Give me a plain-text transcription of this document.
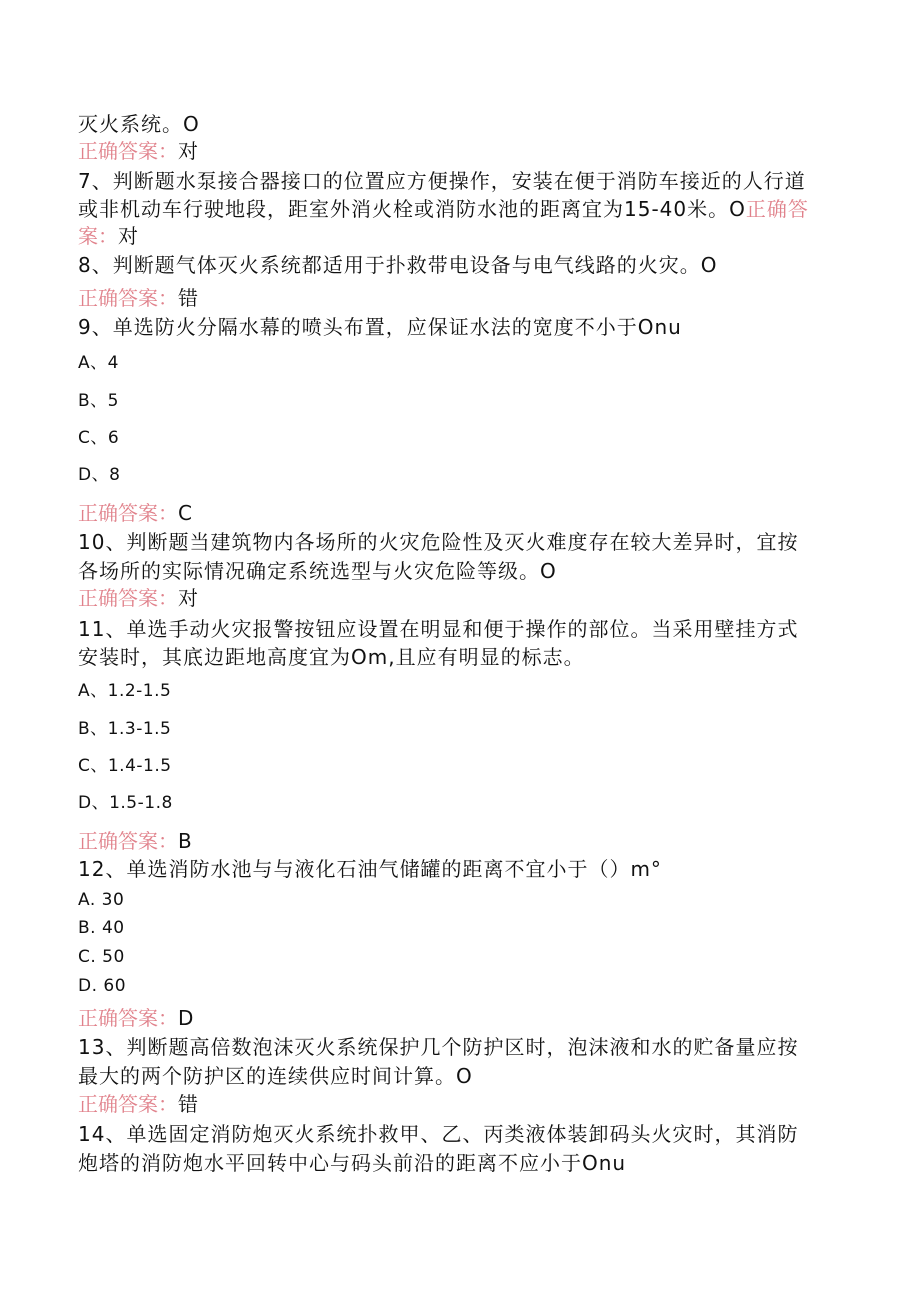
灭火系统。O

正确答案：对

7、判断题水泵接合器接口的位置应方便操作，安装在便于消防车接近的人行道

或非机动车行驶地段，距室外消火栓或消防水池的距离宜为15-40米。O正确答

案：对

8、判断题气体灭火系统都适用于扑救带电设备与电气线路的火灾。O

正确答案：错

9、单选防火分隔水幕的喷头布置，应保证水法的宽度不小于Onu

A、4

B、5

C、6

D、8

正确答案：C

10、判断题当建筑物内各场所的火灾危险性及灭火难度存在较大差异时，宜按

各场所的实际情况确定系统选型与火灾危险等级。O

正确答案：对

11、单选手动火灾报警按钮应设置在明显和便于操作的部位。当采用壁挂方式

安装时，其底边距地高度宜为Om,且应有明显的标志。

A、1.2-1.5

B、1.3-1.5

C、1.4-1.5

D、1.5-1.8

正确答案：B

12、单选消防水池与与液化石油气储罐的距离不宜小于（）m°

A. 30

B. 40

C. 50

D. 60

正确答案：D

13、判断题高倍数泡沫灭火系统保护几个防护区时，泡沫液和水的贮备量应按

最大的两个防护区的连续供应时间计算。O

正确答案：错

14、单选固定消防炮灭火系统扑救甲、乙、丙类液体装卸码头火灾时，其消防

炮塔的消防炮水平回转中心与码头前沿的距离不应小于Onu
